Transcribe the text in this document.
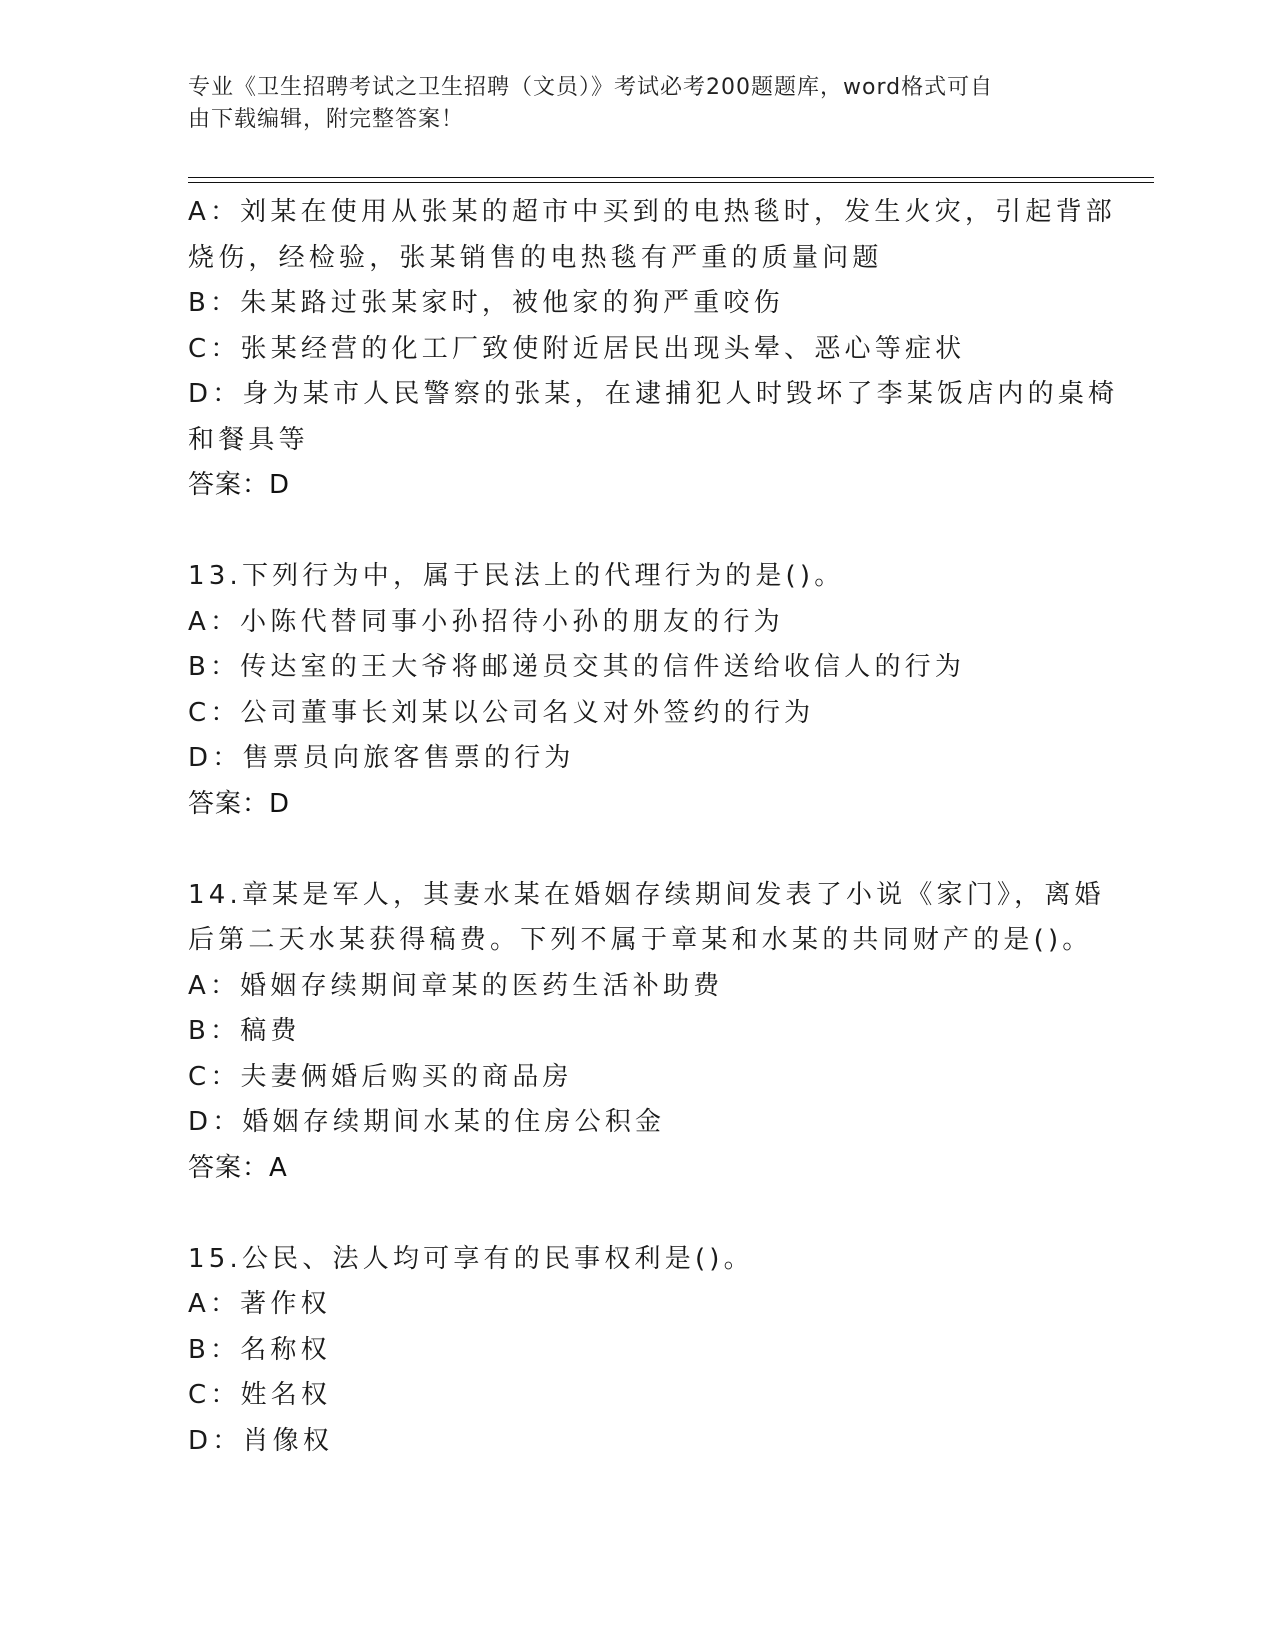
专业《卫生招聘考试之卫生招聘（文员）》考试必考200题题库，word格式可自
由下载编辑，附完整答案！
A：刘某在使用从张某的超市中买到的电热毯时，发生火灾，引起背部
烧伤，经检验，张某销售的电热毯有严重的质量问题
B：朱某路过张某家时，被他家的狗严重咬伤
C：张某经营的化工厂致使附近居民出现头晕、恶心等症状
D：身为某市人民警察的张某，在逮捕犯人时毁坏了李某饭店内的桌椅
和餐具等
答案：D
13.下列行为中，属于民法上的代理行为的是()。
A：小陈代替同事小孙招待小孙的朋友的行为
B：传达室的王大爷将邮递员交其的信件送给收信人的行为
C：公司董事长刘某以公司名义对外签约的行为
D：售票员向旅客售票的行为
答案：D
14.章某是军人，其妻水某在婚姻存续期间发表了小说《家门》，离婚
后第二天水某获得稿费。下列不属于章某和水某的共同财产的是()。
A：婚姻存续期间章某的医药生活补助费
B：稿费
C：夫妻俩婚后购买的商品房
D：婚姻存续期间水某的住房公积金
答案：A
15.公民、法人均可享有的民事权利是()。
A：著作权
B：名称权
C：姓名权
D：肖像权
